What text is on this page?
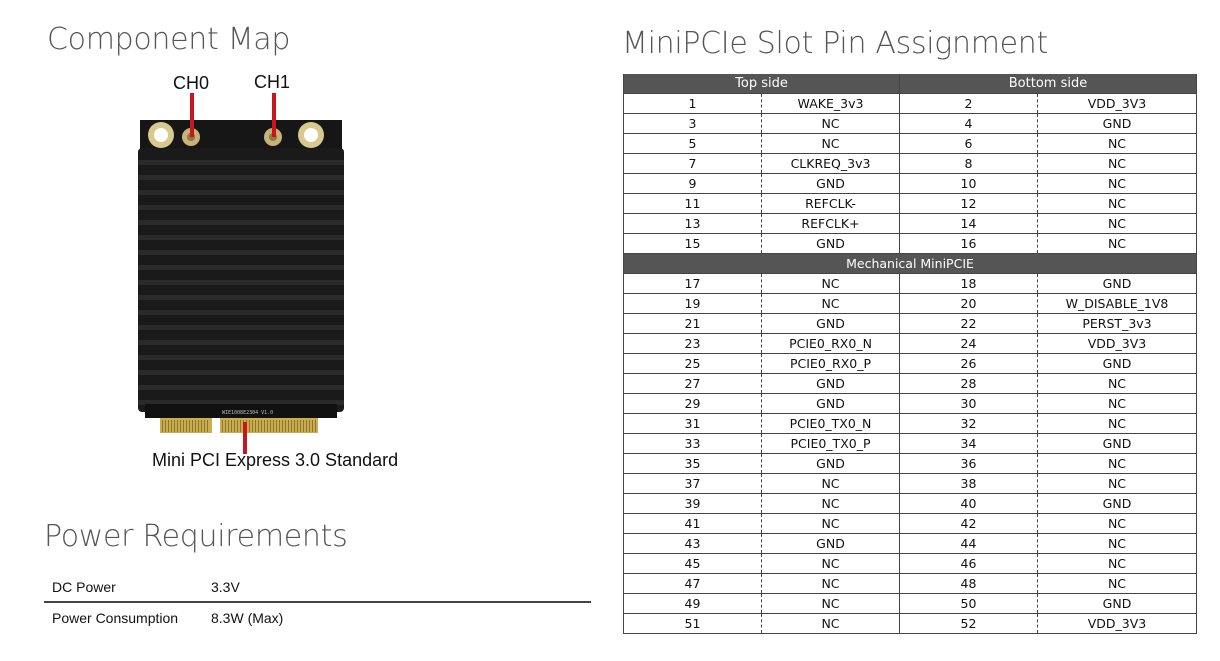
Component Map
CH0 CH1
WIE1008E2304 V1.0
Mini PCI Express 3.0 Standard
Power Requirements
DC Power	3.3V
Power Consumption 8.3W (Max)
MiniPCIe Slot Pin Assignment
Top side		Bottom side	
1	WAKE_3v3	2	VDD_3V3
3	NC	4	GND
5	NC	6	NC
7	CLKREQ_3v3	8	NC
9	GND	10	NC
11	REFCLK-	12	NC
13	REFCLK+	14	NC
15	GND	16	NC
Mechanical MiniPCIE			
17	NC	18	GND
19	NC	20	W_DISABLE_1V8
21	GND	22	PERST_3v3
23	PCIE0_RX0_N	24	VDD_3V3
25	PCIE0_RX0_P	26	GND
27	GND	28	NC
29	GND	30	NC
31	PCIE0_TX0_N	32	NC
33	PCIE0_TX0_P	34	GND
35	GND	36	NC
37	NC	38	NC
39	NC	40	GND
41	NC	42	NC
43	GND	44	NC
45	NC	46	NC
47	NC	48	NC
49	NC	50	GND
51	NC	52	VDD_3V3
